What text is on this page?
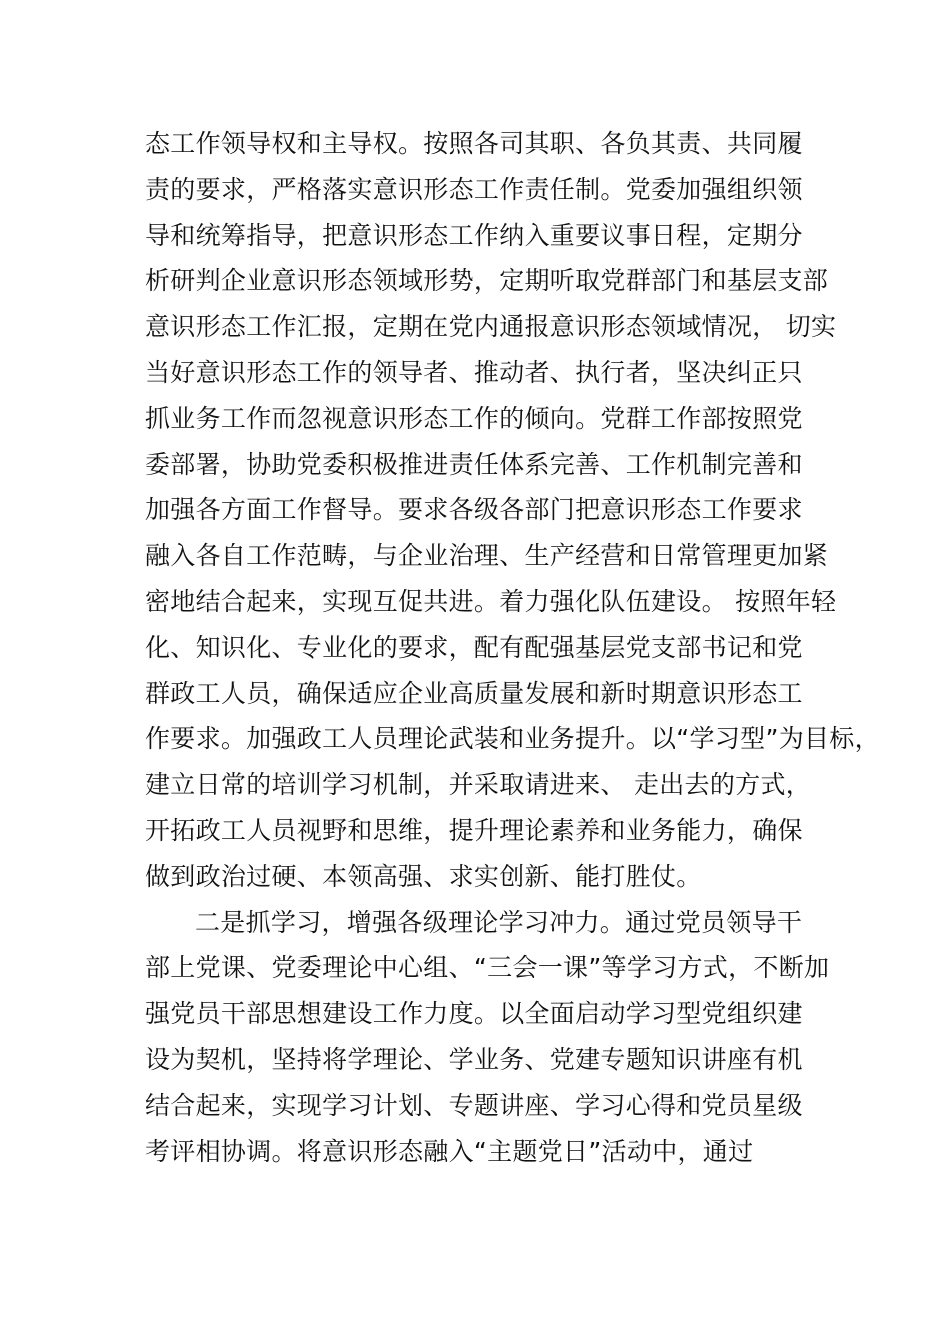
态工作领导权和主导权。按照各司其职、各负其责、共同履
责的要求，严格落实意识形态工作责任制。党委加强组织领
导和统筹指导，把意识形态工作纳入重要议事日程，定期分
析研判企业意识形态领域形势，定期听取党群部门和基层支部
意识形态工作汇报，定期在党内通报意识形态领域情况， 切实
当好意识形态工作的领导者、推动者、执行者，坚决纠正只
抓业务工作而忽视意识形态工作的倾向。党群工作部按照党
委部署，协助党委积极推进责任体系完善、工作机制完善和
加强各方面工作督导。要求各级各部门把意识形态工作要求
融入各自工作范畴，与企业治理、生产经营和日常管理更加紧
密地结合起来，实现互促共进。着力强化队伍建设。 按照年轻
化、知识化、专业化的要求，配有配强基层党支部书记和党
群政工人员，确保适应企业高质量发展和新时期意识形态工
作要求。加强政工人员理论武装和业务提升。以“学习型”为目标，
建立日常的培训学习机制，并采取请进来、 走出去的方式，
开拓政工人员视野和思维，提升理论素养和业务能力，确保
做到政治过硬、本领高强、求实创新、能打胜仗。
二是抓学习，增强各级理论学习冲力。通过党员领导干
部上党课、党委理论中心组、“三会一课”等学习方式，不断加
强党员干部思想建设工作力度。以全面启动学习型党组织建
设为契机，坚持将学理论、学业务、党建专题知识讲座有机
结合起来，实现学习计划、专题讲座、学习心得和党员星级
考评相协调。将意识形态融入“主题党日”活动中，通过
